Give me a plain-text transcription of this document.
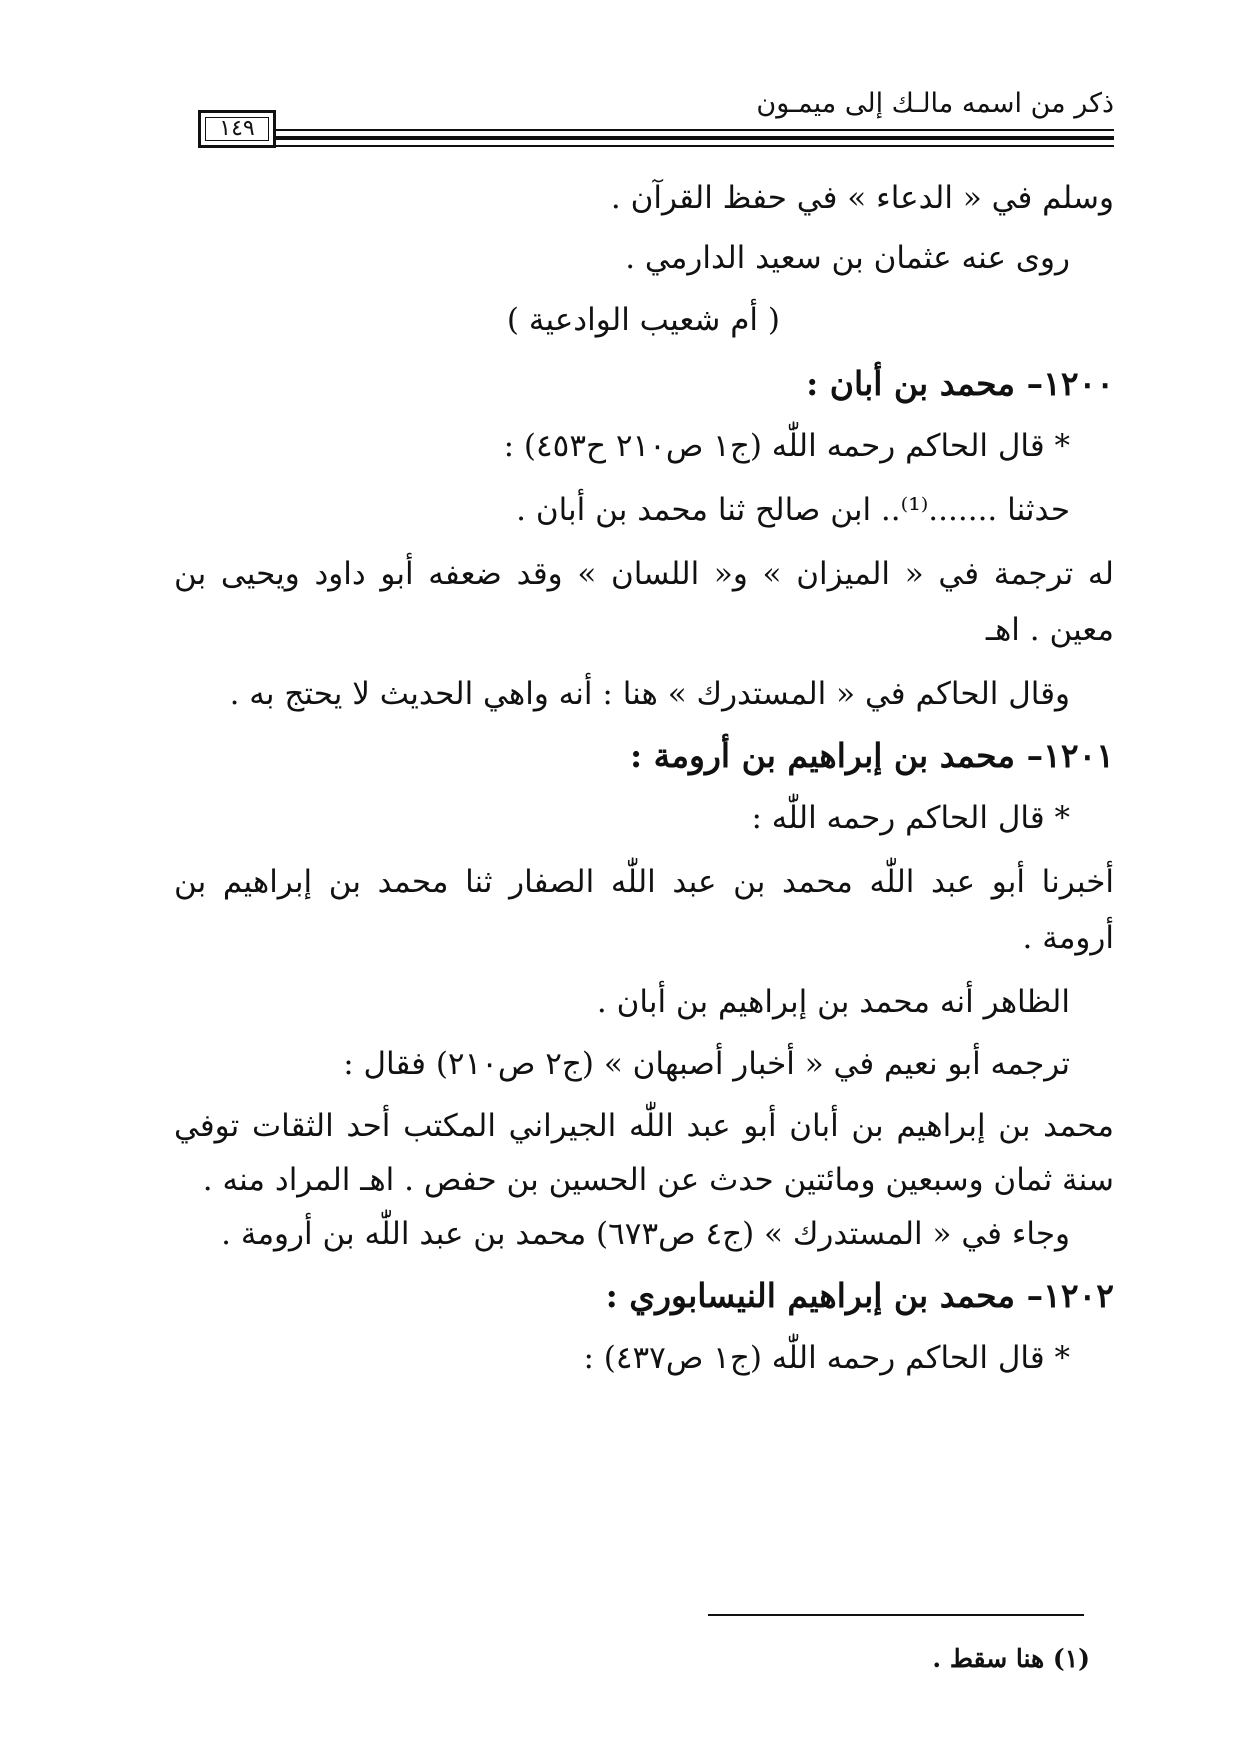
ذكر من اسمه مالـك إلى ميمـون
١٤٩
وسلم في « الدعاء » في حفظ القرآن .
روى عنه عثمان بن سعيد الدارمي .
( أم شعيب الوادعية )
١٢٠٠– محمد بن أبان :
* قال الحاكم رحمه اللّٰه (ج١ ص٢١٠ ح٤٥٣) :
حدثنا .......⁽¹⁾.. ابن صالح ثنا محمد بن أبان .
له ترجمة في « الميزان » و« اللسان » وقد ضعفه أبو داود ويحيى بن
معين . اهـ
وقال الحاكم في « المستدرك » هنا : أنه واهي الحديث لا يحتج به .
١٢٠١– محمد بن إبراهيم بن أرومة :
* قال الحاكم رحمه اللّٰه :
أخبرنا أبو عبد اللّٰه محمد بن عبد اللّٰه الصفار ثنا محمد بن إبراهيم بن
أرومة .
الظاهر أنه محمد بن إبراهيم بن أبان .
ترجمه أبو نعيم في « أخبار أصبهان » (ج٢ ص٢١٠) فقال :
محمد بن إبراهيم بن أبان أبو عبد اللّٰه الجيراني المكتب أحد الثقات توفي
سنة ثمان وسبعين ومائتين حدث عن الحسين بن حفص . اهـ المراد منه .
وجاء في « المستدرك » (ج٤ ص٦٧٣) محمد بن عبد اللّٰه بن أرومة .
١٢٠٢– محمد بن إبراهيم النيسابوري :
* قال الحاكم رحمه اللّٰه (ج١ ص٤٣٧) :
(١) هنا سقط .
